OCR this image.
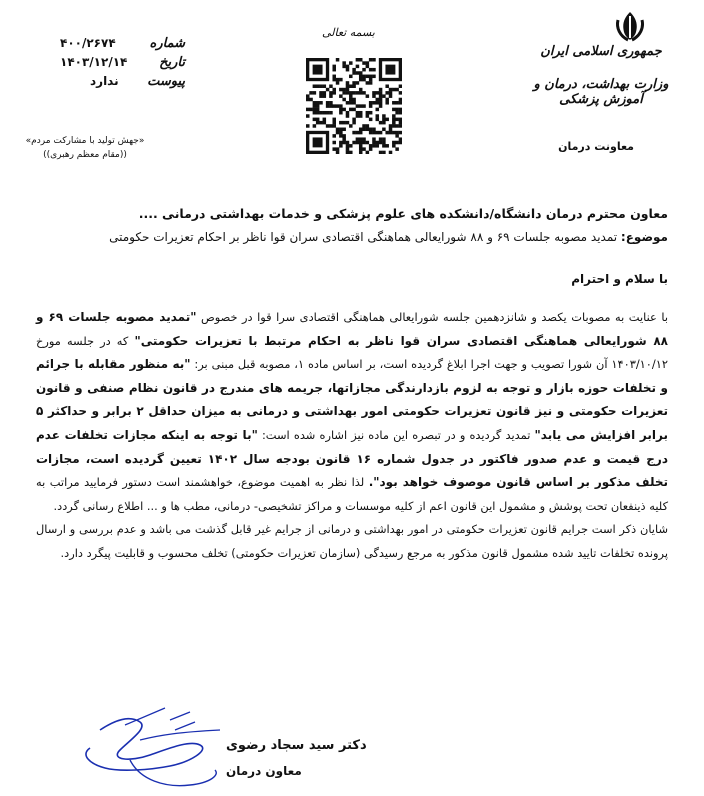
جمهوری اسلامی ایران
وزارت بهداشت، درمان و آموزش پزشکی
معاونت درمان
بسمه تعالی
شماره
۴۰۰/۲۶۷۴
تاریخ
۱۴۰۳/۱۲/۱۴
پیوست
ندارد
«جهش تولید با مشارکت مردم»
((مقام معظم رهبری))
معاون محترم درمان دانشگاه/دانشکده های علوم پزشکی و خدمات بهداشتی درمانی ....
موضوع: تمدید مصوبه جلسات ۶۹ و ۸۸ شورایعالی هماهنگی اقتصادی سران قوا ناظر بر احکام تعزیرات حکومتی
با سلام و احترام

با عنایت به مصوبات یکصد و شانزدهمین جلسه شورایعالی هماهنگی اقتصادی سرا قوا در خصوص "تمدید مصوبه جلسات ۶۹ و ۸۸ شورایعالی هماهنگی اقتصادی سران قوا ناظر به احکام مرتبط با تعزیرات حکومتی" که در جلسه مورخ ۱۴۰۳/۱۰/۱۲ آن شورا تصویب و جهت اجرا ابلاغ گردیده است، بر اساس ماده ۱، مصوبه قبل مبنی بر: "به منظور مقابله با جرائم و تخلفات حوزه بازار و توجه به لزوم بازدارندگی مجازاتها، جریمه های مندرج در قانون نظام صنفی و قانون تعزیرات حکومتی و نیز قانون تعزیرات حکومتی امور بهداشتی و درمانی به میزان حداقل ۲ برابر و حداکثر ۵ برابر افزایش می یابد" تمدید گردیده و در تبصره این ماده نیز اشاره شده است: "با توجه به اینکه مجازات تخلفات عدم درج قیمت و عدم صدور فاکتور در جدول شماره ۱۶ قانون بودجه سال ۱۴۰۲ تعیین گردیده است، مجازات تخلف مذکور بر اساس قانون موصوف خواهد بود". لذا نظر به اهمیت موضوع، خواهشمند است دستور فرمایید مراتب به کلیه ذینفعان تحت پوشش و مشمول این قانون اعم از کلیه موسسات و مراکز تشخیصی- درمانی، مطب ها و ... اطلاع رسانی گردد.

شایان ذکر است جرایم قانون تعزیرات حکومتی در امور بهداشتی و درمانی از جرایم غیر قابل گذشت می باشد و عدم بررسی و ارسال پرونده تخلفات تایید شده مشمول قانون مذکور به مرجع رسیدگی (سازمان تعزیرات حکومتی) تخلف محسوب و قابلیت پیگرد دارد.

دکتر سید سجاد رضوی
معاون درمان
